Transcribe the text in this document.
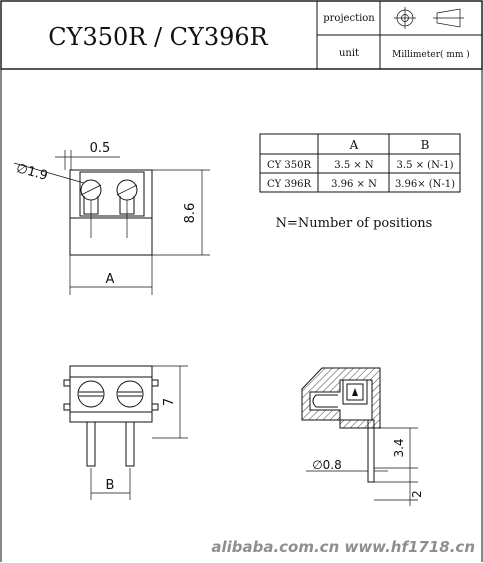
CY350R / CY396R
projection
unit	Millimeter( mm )
0.5
∅1.9
8.6
A
A	B
CY 350R 3.5 × N 3.5 × (N-1)
CY 396R 3.96 × N 3.96× (N-1)
N=Number of positions
7
B
3.4
∅0.8
2
alibaba.com.cn www.hf1718.cn
